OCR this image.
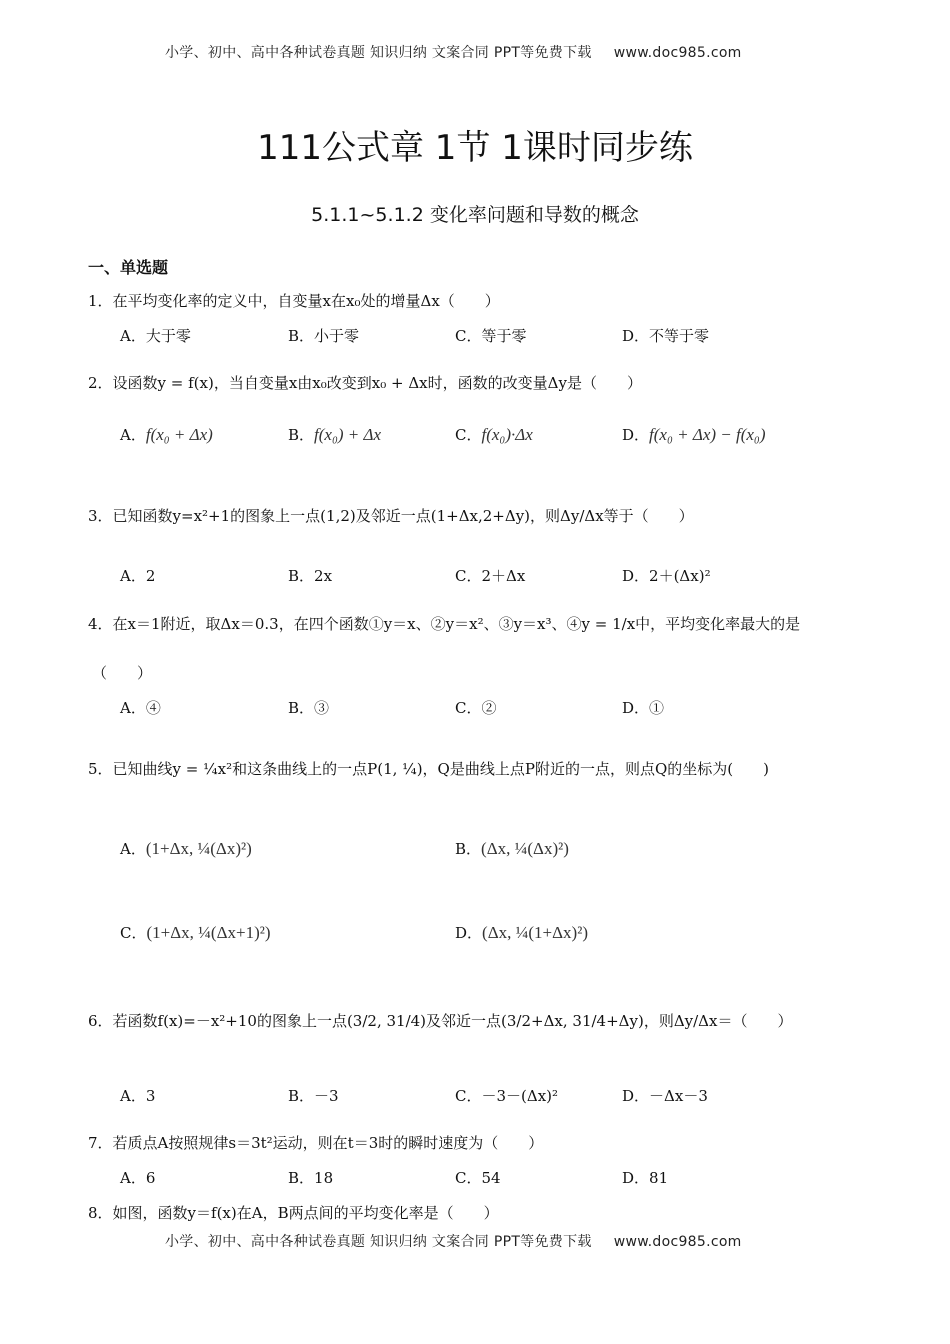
小学、初中、高中各种试卷真题 知识归纳 文案合同 PPT等免费下载 www.doc985.com
111公式章 1节 1课时同步练
5.1.1~5.1.2 变化率问题和导数的概念
一、单选题
1．在平均变化率的定义中，自变量x在x₀处的增量Δx（　　）
A．大于零	B．小于零	C．等于零	D．不等于零
2．设函数y = f(x)，当自变量x由x₀改变到x₀ + Δx时，函数的改变量Δy是（　　）
A．f(x₀ + Δx)	B．f(x₀) + Δx	C．f(x₀)·Δx	D．f(x₀ + Δx) − f(x₀)
3．已知函数y=x²+1的图象上一点(1,2)及邻近一点(1+Δx,2+Δy)，则Δy/Δx等于（　　）
A．2	B．2x	C．2＋Δx	D．2＋(Δx)²
4．在x＝1附近，取Δx＝0.3，在四个函数①y＝x、②y＝x²、③y＝x³、④y = 1/x中，平均变化率最大的是
（　　）
A．④	B．③	C．②	D．①
5．已知曲线y = ¼x²和这条曲线上的一点P(1, ¼)，Q是曲线上点P附近的一点，则点Q的坐标为(　　)
A．(1+Δx, ¼(Δx)²)	B．(Δx, ¼(Δx)²)
C．(1+Δx, ¼(Δx+1)²)	D．(Δx, ¼(1+Δx)²)
6．若函数f(x)=－x²+10的图象上一点(3/2, 31/4)及邻近一点(3/2+Δx, 31/4+Δy)，则Δy/Δx＝（　　）
A．3	B．－3	C．－3－(Δx)²	D．－Δx－3
7．若质点A按照规律s＝3t²运动，则在t＝3时的瞬时速度为（　　）
A．6	B．18	C．54	D．81
8．如图，函数y＝f(x)在A，B两点间的平均变化率是（　　）
小学、初中、高中各种试卷真题 知识归纳 文案合同 PPT等免费下载 www.doc985.com
